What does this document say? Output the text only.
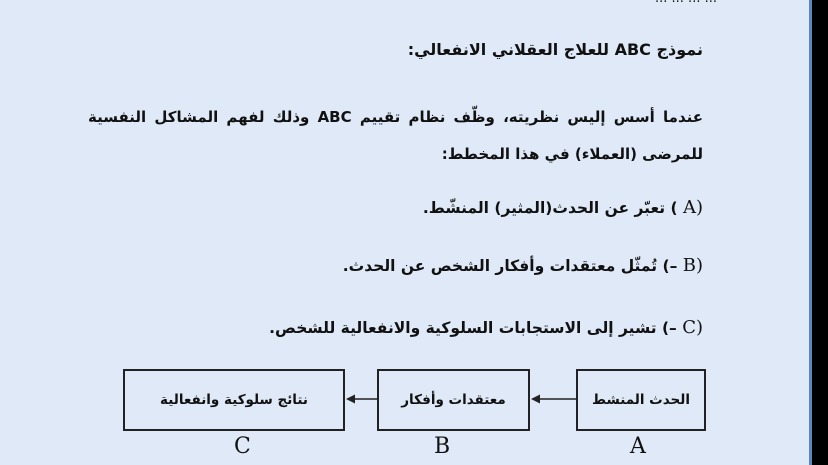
نموذج ABC للعلاج العقلاني الانفعالي:
عندما أسس إليس نظريته، وظّف نظام تقييم ABC وذلك لفهم المشاكل النفسية للمرضى (العملاء) في هذا المخطط:
(A ) تعبّر عن الحدث(المثير) المنشّط.
(B –) تُمثّل معتقدات وأفكار الشخص عن الحدث.
(C –) تشير إلى الاستجابات السلوكية والانفعالية للشخص.
الحدث المنشط
معتقدات وأفكار
نتائج سلوكية وانفعالية
A
B
C
